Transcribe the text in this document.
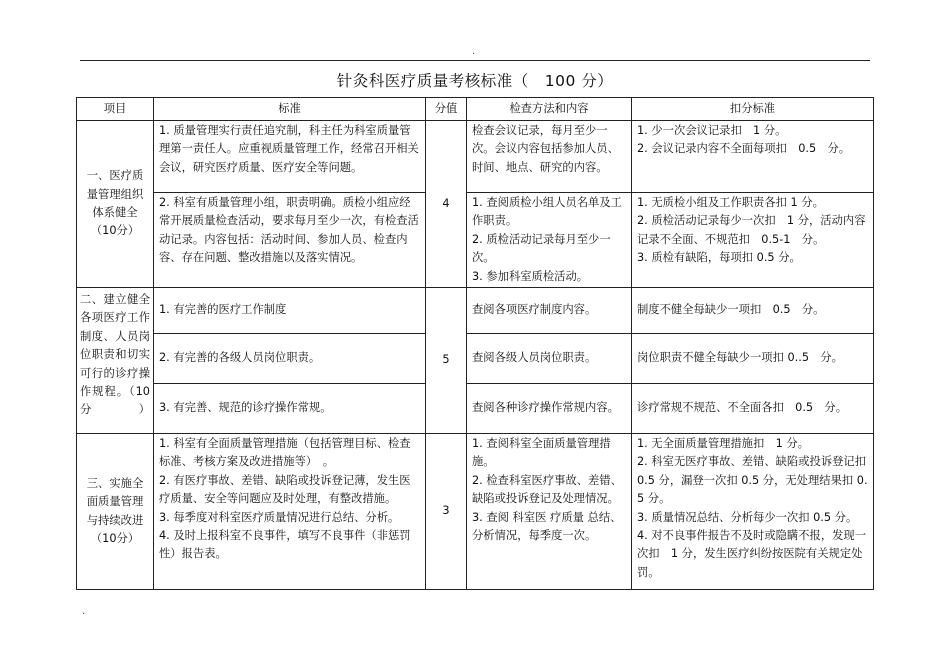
.
针灸科医疗质量考核标准（　100 分）
项目	标准	分值	检查方法和内容	扣分标准
一、医疗质量管理组织体系健全（10分）	1. 质量管理实行责任追究制，科主任为科室质量管理第一责任人。应重视质量管理工作，经常召开相关会议，研究医疗质量、医疗安全等问题。	4	检查会议记录，每月至少一次。会议内容包括参加人员、时间、地点、研究的内容。	1. 少一次会议记录扣　1 分。
2. 会议记录内容不全面每项扣　0.5　分。

	2. 科室有质量管理小组，职责明确。质检小组应经常开展质量检查活动，要求每月至少一次，有检查活动记录。内容包括：活动时间、参加人员、检查内容、存在问题、整改措施以及落实情况。		1. 查阅质检小组人员名单及工作职责。
2. 质检活动记录每月至少一次。
3. 参加科室质检活动。	1. 无质检小组及工作职责各扣 1 分。
2. 质检活动记录每少一次扣　1 分，活动内容记录不全面、不规范扣　0.5-1　分。
3. 质检有缺陷，每项扣 0.5 分。
二、建立健全各项医疗工作制度、人员岗位职责和切实可行的诊疗操作规程。（10分）	1. 有完善的医疗工作制度	5	查阅各项医疗制度内容。	制度不健全每缺少一项扣　0.5　分。
	2. 有完善的各级人员岗位职责。		查阅各级人员岗位职责。	岗位职责不健全每缺少一项扣 0..5　分。
	3. 有完善、规范的诊疗操作常规。		查阅各种诊疗操作常规内容。	诊疗常规不规范、不全面各扣　0.5　分。
三、实施全面质量管理与持续改进（10分）	1. 科室有全面质量管理措施（包括管理目标、检查标准、考核方案及改进措施等）　。
2. 有医疗事故、差错、缺陷或投诉登记薄，发生医疗质量、安全等问题应及时处理，有整改措施。
3. 每季度对科室医疗质量情况进行总结、分析。
4. 及时上报科室不良事件，填写不良事件（非惩罚性）报告表。	3	1. 查阅科室全面质量管理措施。
2. 检查科室医疗事故、差错、缺陷或投诉登记及处理情况。
3. 查阅 科室医 疗质量 总结、分析情况，每季度一次。	1. 无全面质量管理措施扣　1 分。
2. 科室无医疗事故、差错、缺陷或投诉登记扣 0.5 分，漏登一次扣 0.5 分，无处理结果扣 0.5 分。
3. 质量情况总结、分析每少一次扣 0.5 分。
4. 对不良事件报告不及时或隐瞒不报，发现一次扣　1 分，发生医疗纠纷按医院有关规定处罚。
.
